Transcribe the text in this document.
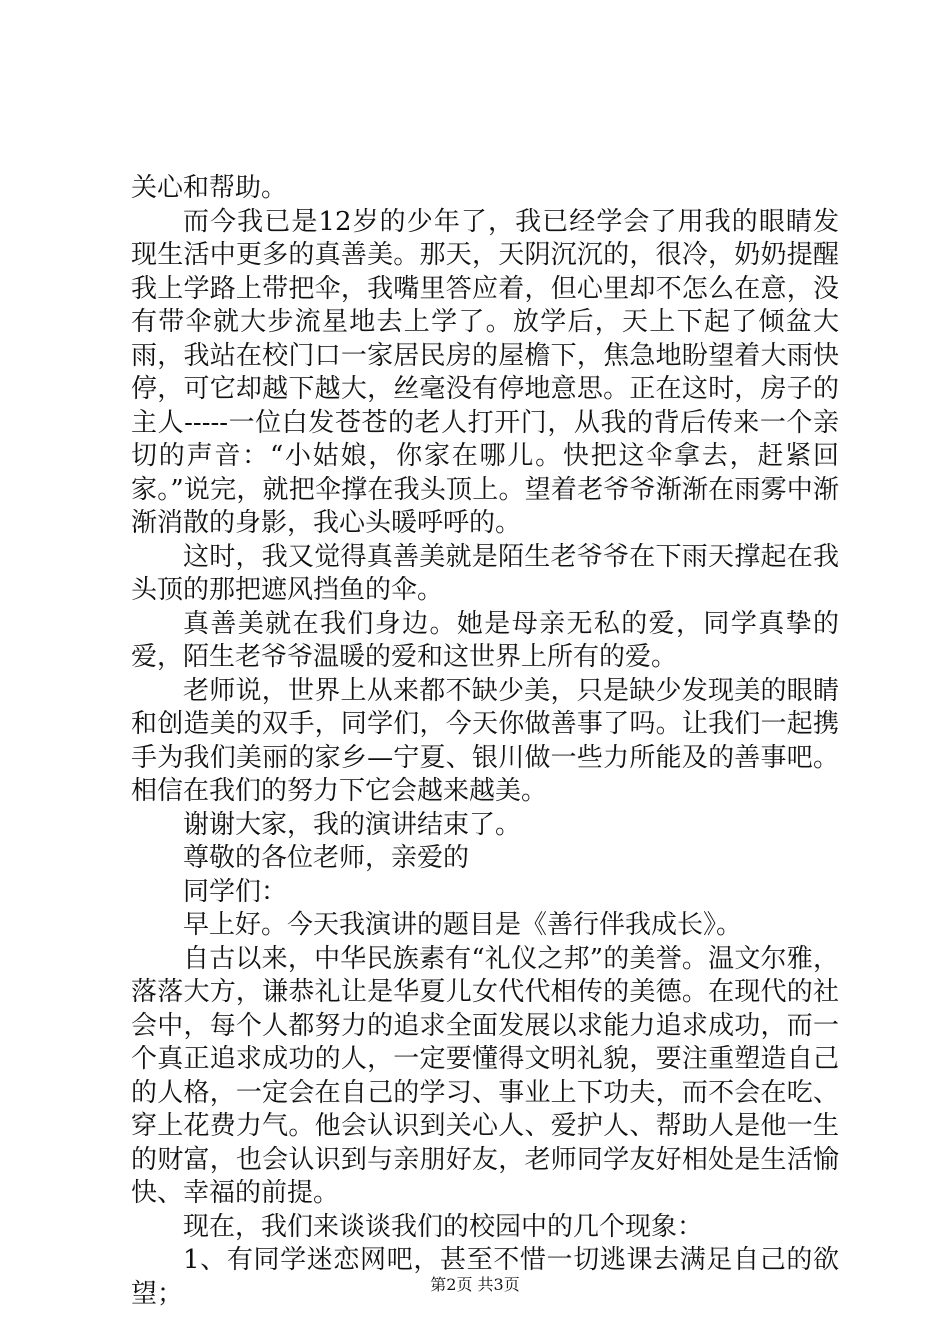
关心和帮助。

而今我已是12岁的少年了，我已经学会了用我的眼睛发现生活中更多的真善美。那天，天阴沉沉的，很冷，奶奶提醒我上学路上带把伞，我嘴里答应着，但心里却不怎么在意，没有带伞就大步流星地去上学了。放学后，天上下起了倾盆大雨，我站在校门口一家居民房的屋檐下，焦急地盼望着大雨快停，可它却越下越大，丝毫没有停地意思。正在这时，房子的主人-----一位白发苍苍的老人打开门，从我的背后传来一个亲切的声音：“小姑娘，你家在哪儿。快把这伞拿去，赶紧回家。”说完，就把伞撑在我头顶上。望着老爷爷渐渐在雨雾中渐渐消散的身影，我心头暖呼呼的。

这时，我又觉得真善美就是陌生老爷爷在下雨天撑起在我头顶的那把遮风挡鱼的伞。

真善美就在我们身边。她是母亲无私的爱，同学真挚的爱，陌生老爷爷温暖的爱和这世界上所有的爱。

老师说，世界上从来都不缺少美，只是缺少发现美的眼睛和创造美的双手，同学们，今天你做善事了吗。让我们一起携手为我们美丽的家乡—宁夏、银川做一些力所能及的善事吧。相信在我们的努力下它会越来越美。

谢谢大家，我的演讲结束了。

尊敬的各位老师，亲爱的

同学们：

早上好。今天我演讲的题目是《善行伴我成长》。

自古以来，中华民族素有“礼仪之邦”的美誉。温文尔雅，落落大方，谦恭礼让是华夏儿女代代相传的美德。在现代的社会中，每个人都努力的追求全面发展以求能力追求成功，而一个真正追求成功的人，一定要懂得文明礼貌，要注重塑造自己的人格，一定会在自己的学习、事业上下功夫，而不会在吃、穿上花费力气。他会认识到关心人、爱护人、帮助人是他一生的财富，也会认识到与亲朋好友，老师同学友好相处是生活愉快、幸福的前提。

现在，我们来谈谈我们的校园中的几个现象：

1、有同学迷恋网吧，甚至不惜一切逃课去满足自己的欲望；	第2页 共3页
